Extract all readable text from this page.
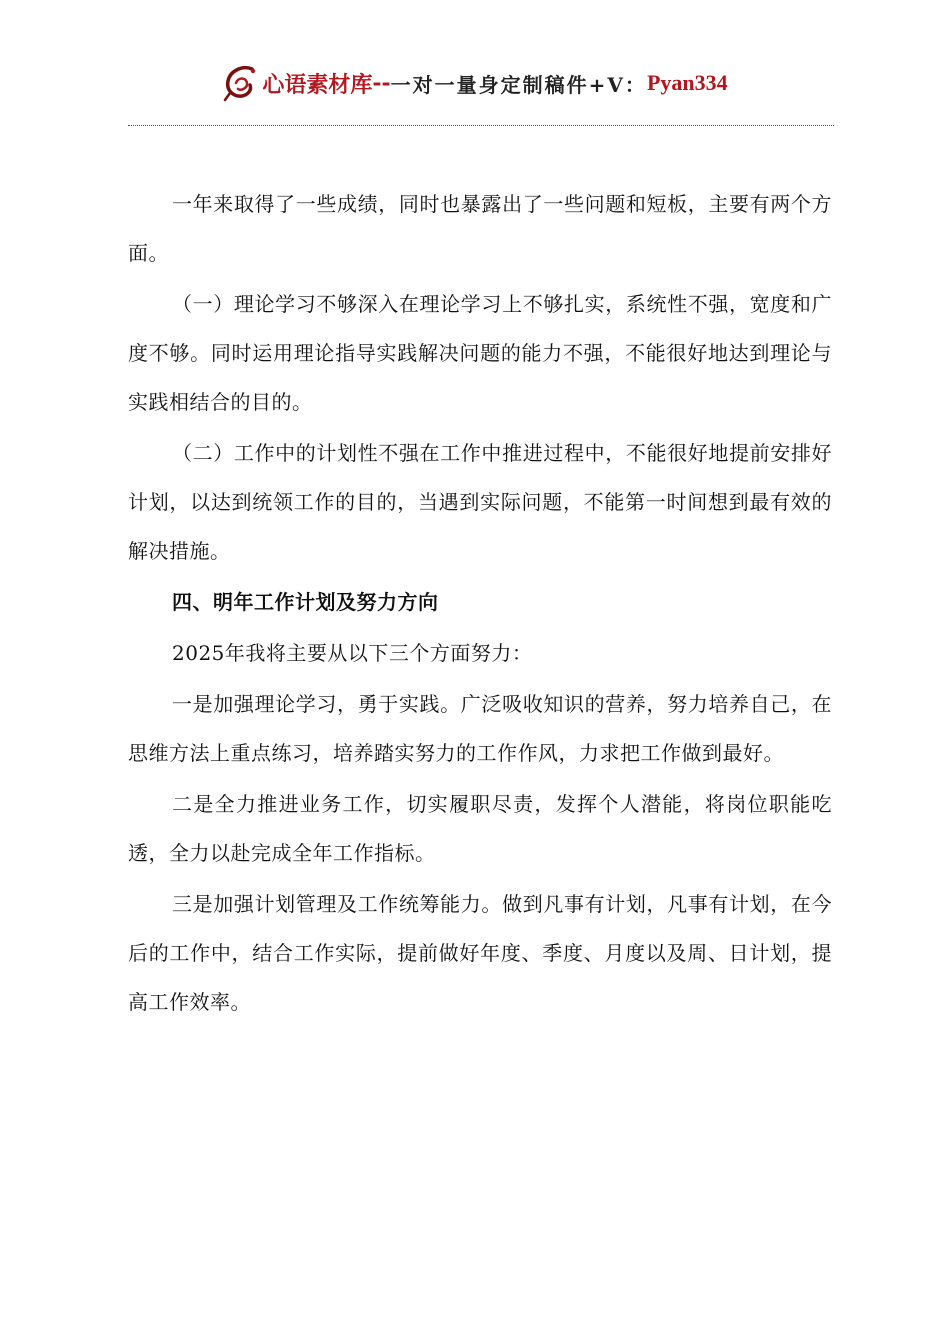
心语素材库 -- 一对一量身定制稿件+V： Pyan334

一年来取得了一些成绩，同时也暴露出了一些问题和短板，主要有两个方面。

（一）理论学习不够深入在理论学习上不够扎实，系统性不强，宽度和广度不够。同时运用理论指导实践解决问题的能力不强，不能很好地达到理论与实践相结合的目的。

（二）工作中的计划性不强在工作中推进过程中，不能很好地提前安排好计划，以达到统领工作的目的，当遇到实际问题，不能第一时间想到最有效的解决措施。

四、明年工作计划及努力方向

2025年我将主要从以下三个方面努力：

一是加强理论学习，勇于实践。广泛吸收知识的营养，努力培养自己，在思维方法上重点练习，培养踏实努力的工作作风，力求把工作做到最好。

二是全力推进业务工作，切实履职尽责，发挥个人潜能，将岗位职能吃透，全力以赴完成全年工作指标。

三是加强计划管理及工作统筹能力。做到凡事有计划，凡事有计划，在今后的工作中，结合工作实际，提前做好年度、季度、月度以及周、日计划，提高工作效率。
